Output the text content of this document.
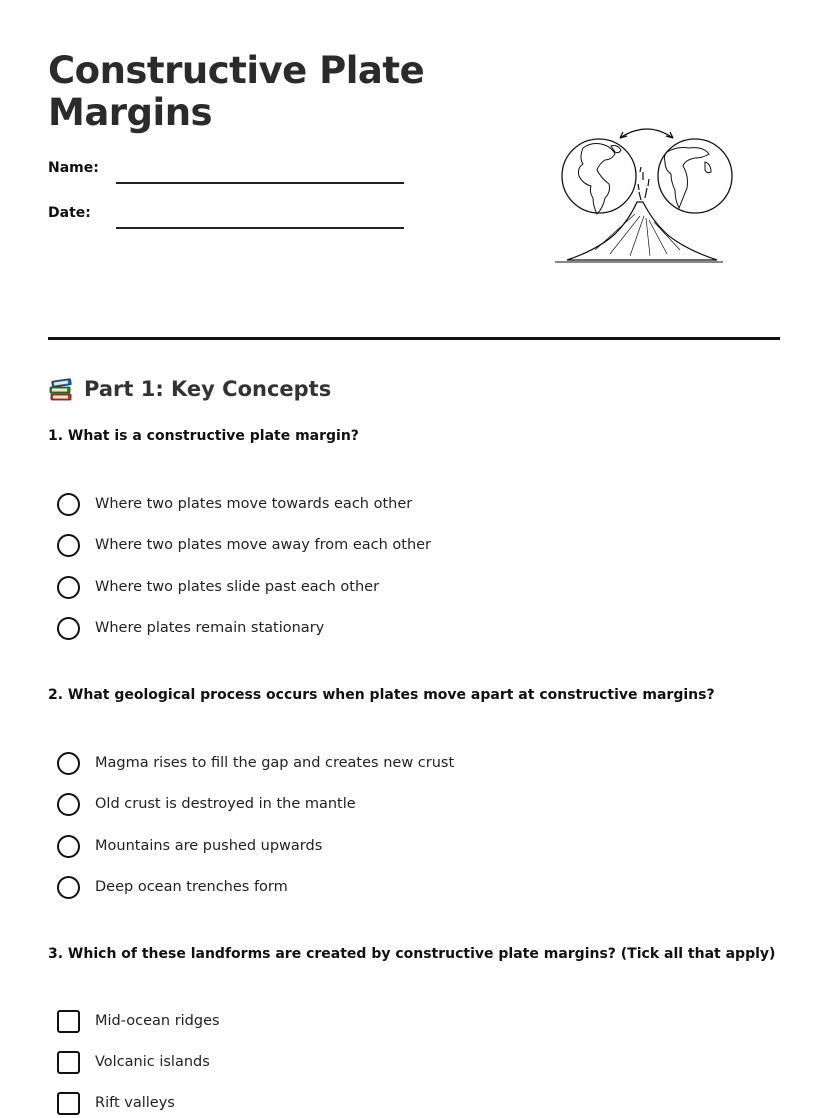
Constructive Plate Margins
Name:
Date:
Part 1: Key Concepts
1. What is a constructive plate margin?
Where two plates move towards each other
Where two plates move away from each other
Where two plates slide past each other
Where plates remain stationary
2. What geological process occurs when plates move apart at constructive margins?
Magma rises to fill the gap and creates new crust
Old crust is destroyed in the mantle
Mountains are pushed upwards
Deep ocean trenches form
3. Which of these landforms are created by constructive plate margins? (Tick all that apply)
Mid-ocean ridges
Volcanic islands
Rift valleys
